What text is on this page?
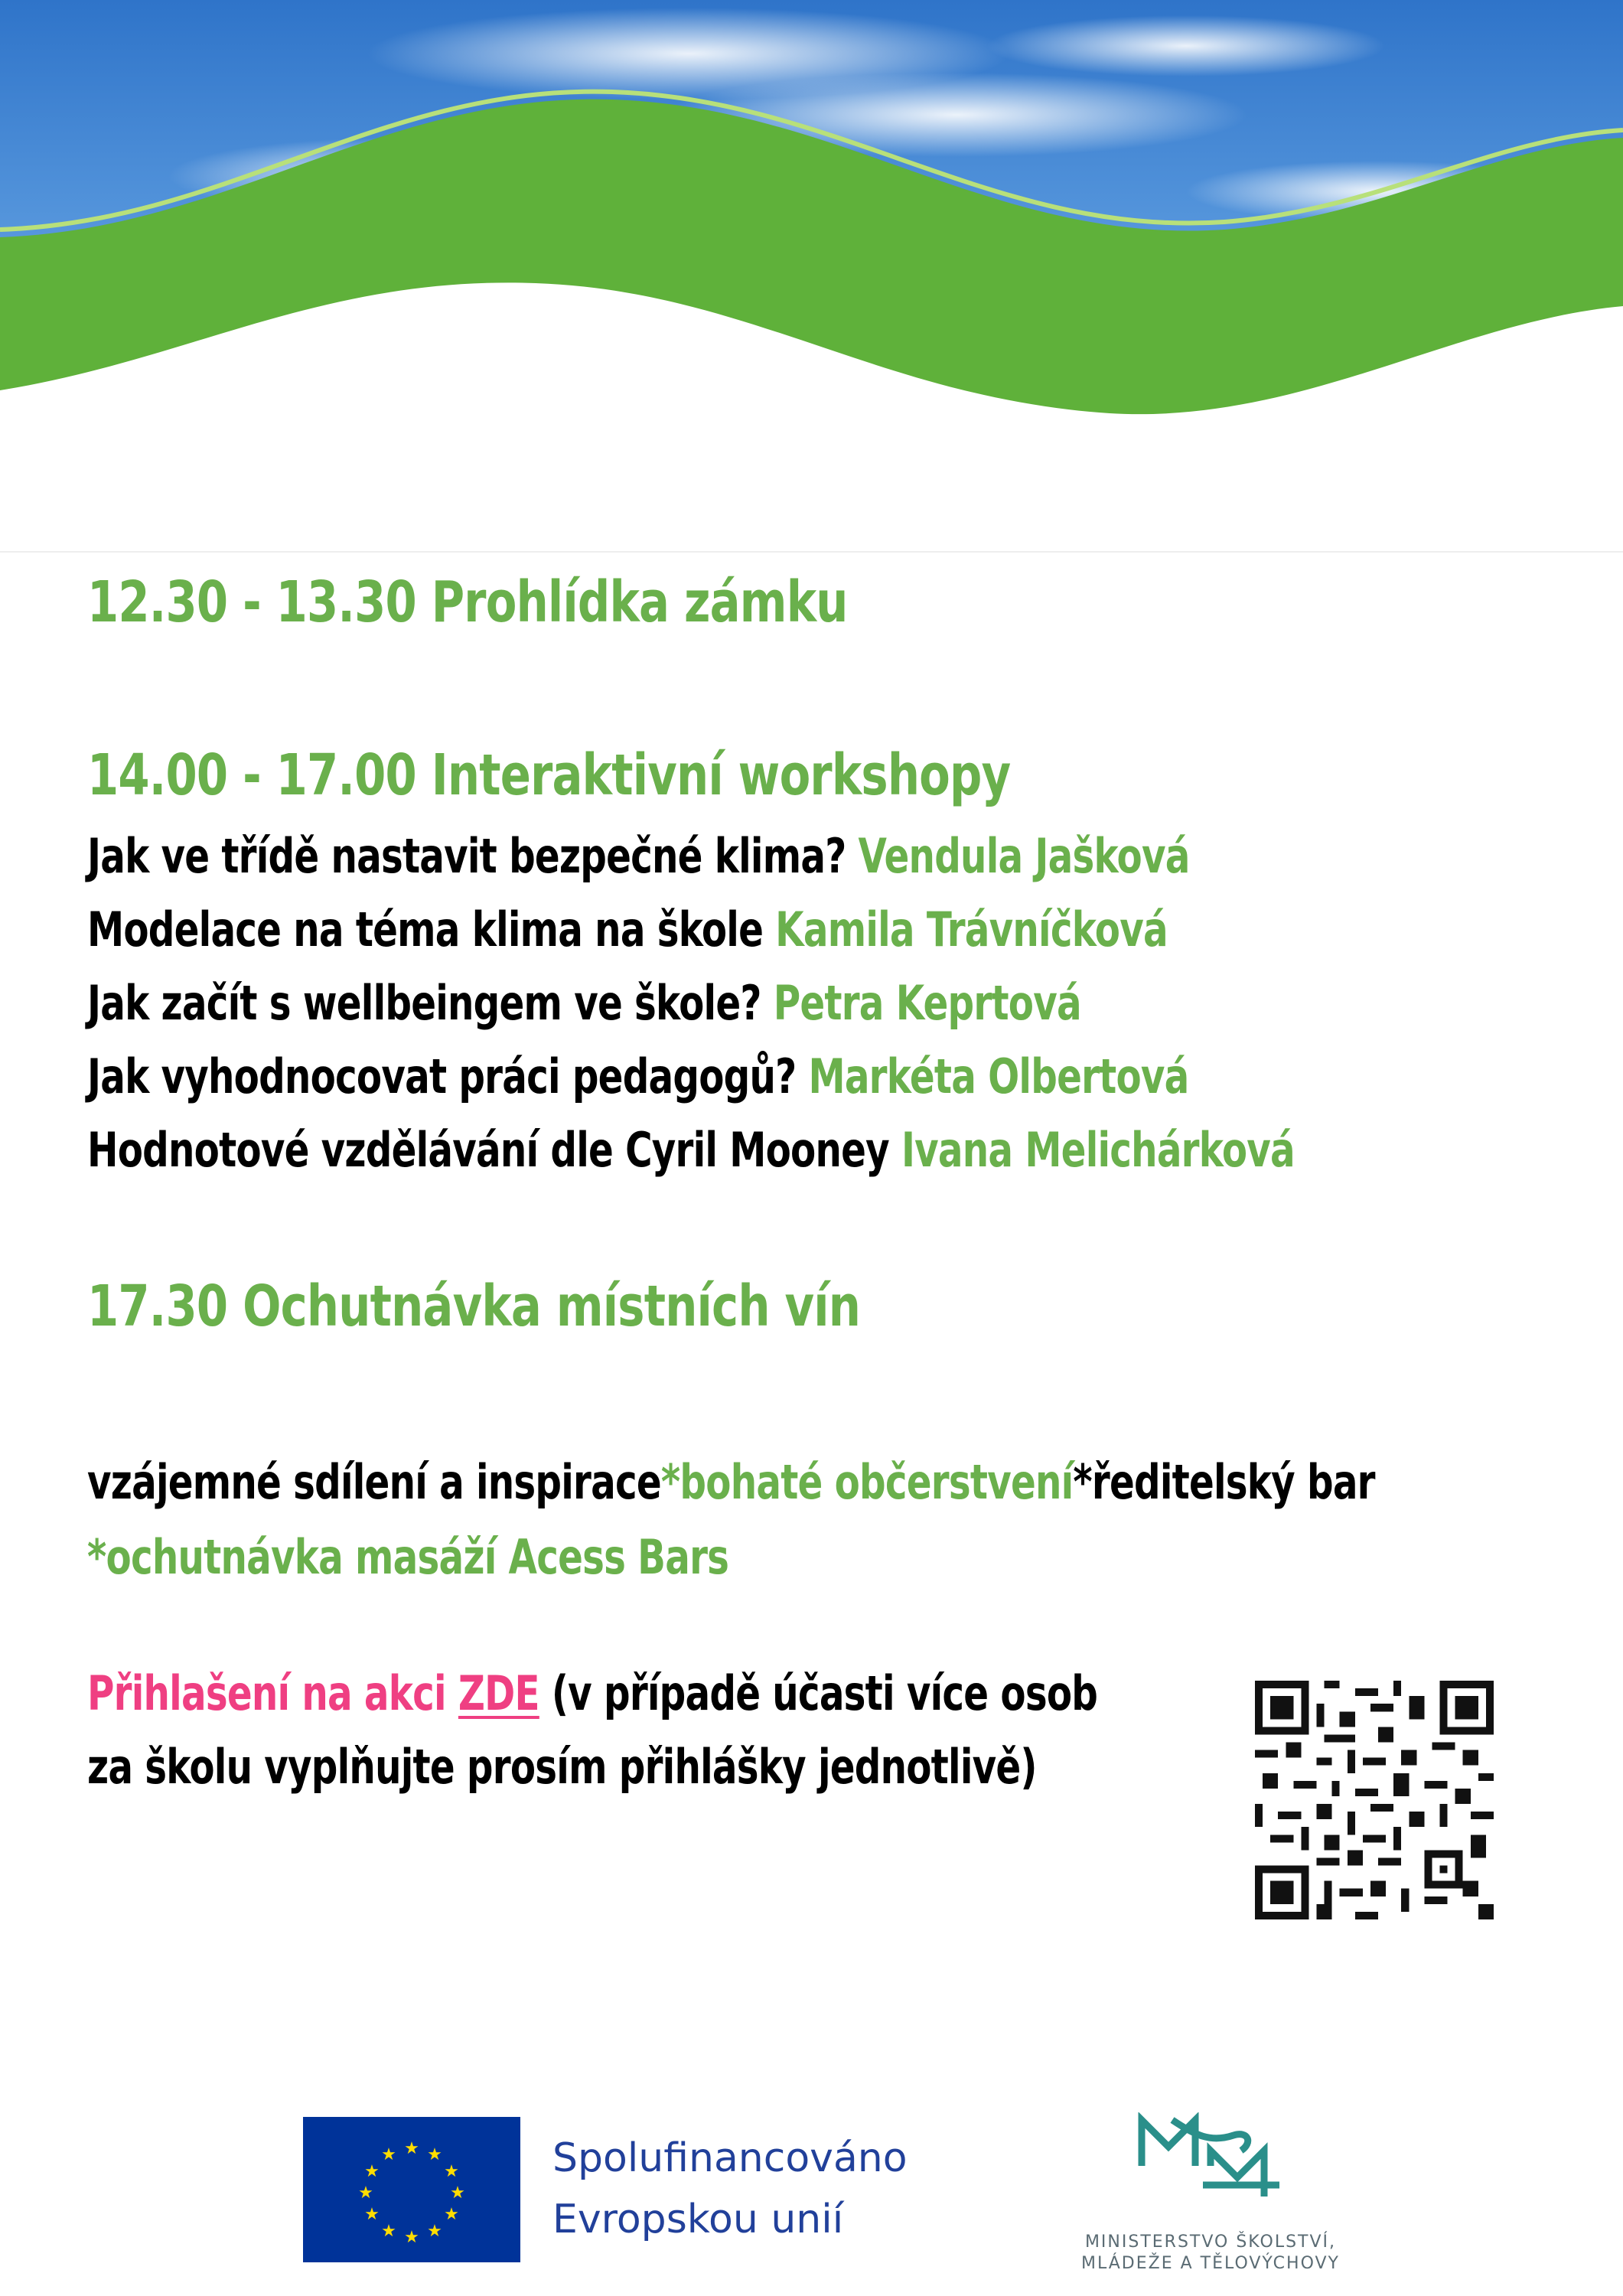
12.30 - 13.30 Prohlídka zámku
14.00 - 17.00 Interaktivní workshopy
Jak ve třídě nastavit bezpečné klima? Vendula Jašková
Modelace na téma klima na škole Kamila Trávníčková
Jak začít s wellbeingem ve škole? Petra Keprtová
Jak vyhodnocovat práci pedagogů? Markéta Olbertová
Hodnotové vzdělávání dle Cyril Mooney Ivana Melichárková
17.30 Ochutnávka místních vín
vzájemné sdílení a inspirace*bohaté občerstvení*ředitelský bar
*ochutnávka masáží Acess Bars
Přihlašení na akci ZDE (v případě účasti více osob
za školu vyplňujte prosím přihlášky jednotlivě)
★ ★
★
★
★
★
★
★
★
★
★
★	Spolufinancováno
Evropskou unií	MINISTERSTVO ŠKOLSTVÍ,
MLÁDEŽE A TĚLOVÝCHOVY
